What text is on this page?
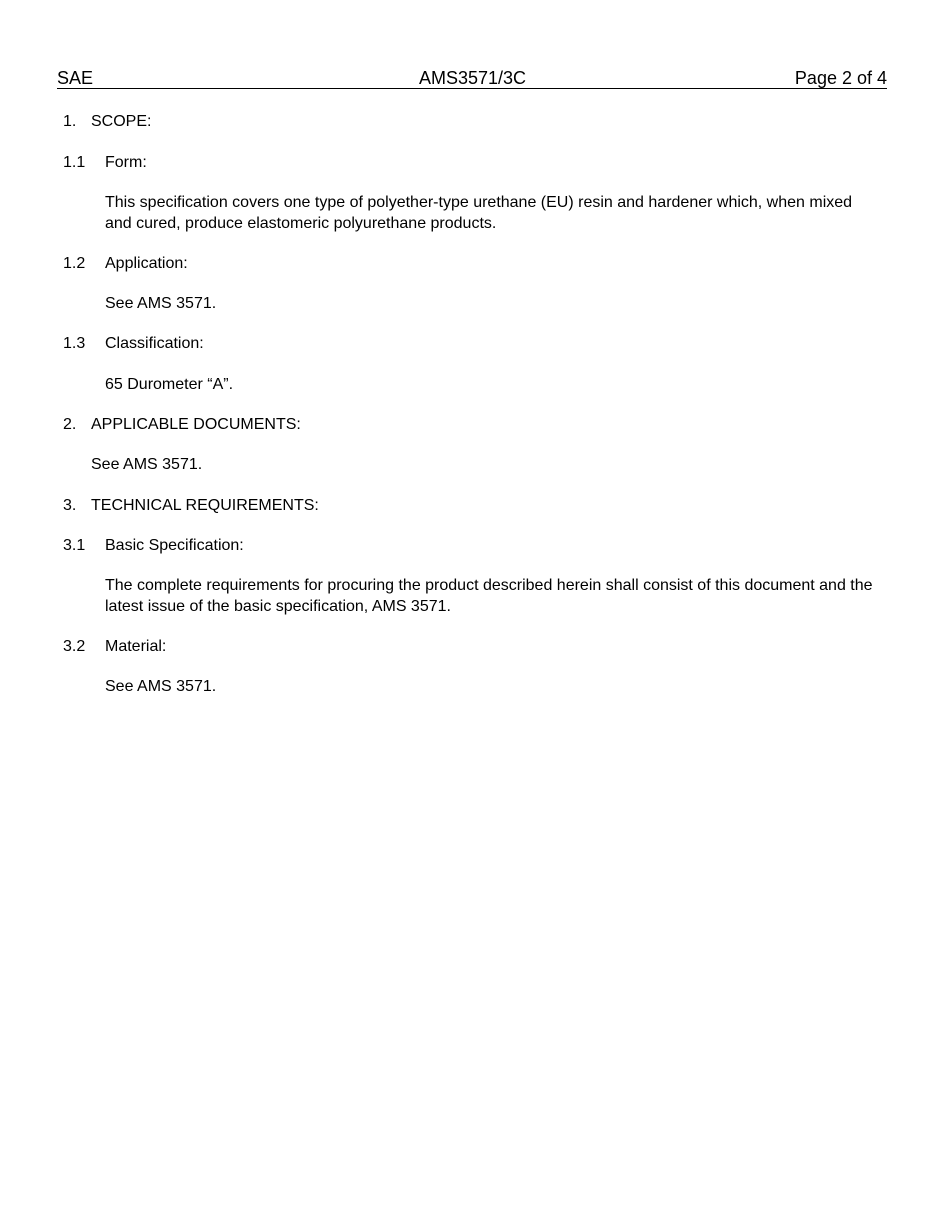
SAE	AMS3571/3C	Page 2 of 4
1. SCOPE:
1.1 Form:
This specification covers one type of polyether-type urethane (EU) resin and hardener which, when mixed and cured, produce elastomeric polyurethane products.
1.2 Application:
See AMS 3571.
1.3 Classification:
65 Durometer “A”.
2. APPLICABLE DOCUMENTS:
See AMS 3571.
3. TECHNICAL REQUIREMENTS:
3.1 Basic Specification:
The complete requirements for procuring the product described herein shall consist of this document and the latest issue of the basic specification, AMS 3571.
3.2 Material:
See AMS 3571.
